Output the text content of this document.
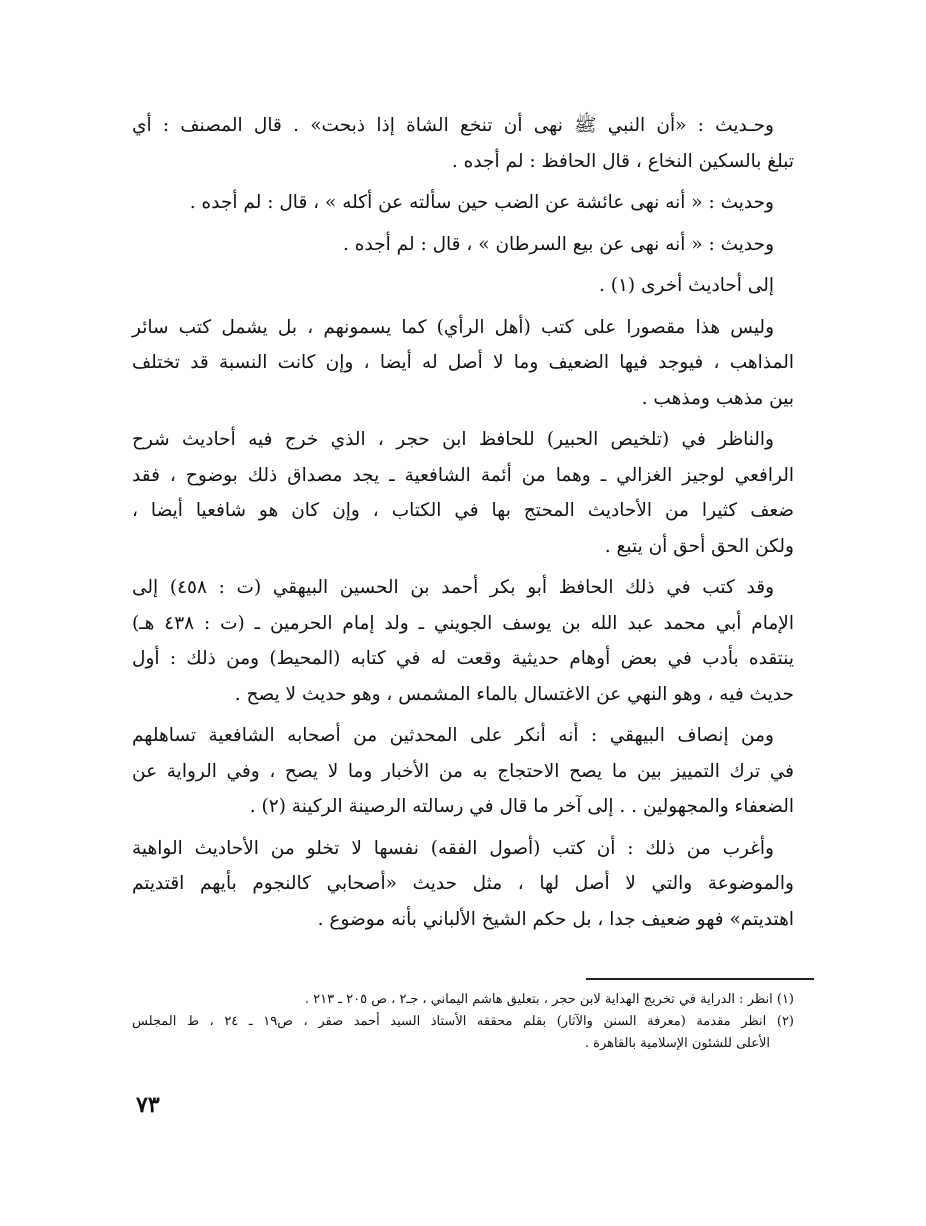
وحـديث : «أن النبي ﷺ نهى أن تنخع الشاة إذا ذبحت» . قال المصنف : أي
تبلغ بالسكين النخاع ، قال الحافظ : لم أجده .
وحديث : « أنه نهى عائشة عن الضب حين سألته عن أكله » ، قال : لم أجده .
وحديث : « أنه نهى عن بيع السرطان » ، قال : لم أجده .
إلى أحاديث أخرى (١) .
وليس هذا مقصورا على كتب (أهل الرأي) كما يسمونهم ، بل يشمل كتب سائر
المذاهب ، فيوجد فيها الضعيف وما لا أصل له أيضا ، وإن كانت النسبة قد تختلف
بين مذهب ومذهب .
والناظر في (تلخيص الحبير) للحافظ ابن حجر ، الذي خرج فيه أحاديث شرح
الرافعي لوجيز الغزالي ـ وهما من أئمة الشافعية ـ يجد مصداق ذلك بوضوح ، فقد
ضعف كثيرا من الأحاديث المحتج بها في الكتاب ، وإن كان هو شافعيا أيضا ،
ولكن الحق أحق أن يتبع .
وقد كتب في ذلك الحافظ أبو بكر أحمد بن الحسين البيهقي (ت : ٤٥٨) إلى
الإمام أبي محمد عبد الله بن يوسف الجويني ـ ولد إمام الحرمين ـ (ت : ٤٣٨ هـ)
ينتقده بأدب في بعض أوهام حديثية وقعت له في كتابه (المحيط) ومن ذلك : أول
حديث فيه ، وهو النهي عن الاغتسال بالماء المشمس ، وهو حديث لا يصح .
ومن إنصاف البيهقي : أنه أنكر على المحدثين من أصحابه الشافعية تساهلهم
في ترك التمييز بين ما يصح الاحتجاج به من الأخبار وما لا يصح ، وفي الرواية عن
الضعفاء والمجهولين . . إلى آخر ما قال في رسالته الرصينة الركينة (٢) .
وأغرب من ذلك : أن كتب (أصول الفقه) نفسها لا تخلو من الأحاديث الواهية
والموضوعة والتي لا أصل لها ، مثل حديث «أصحابي كالنجوم بأيهم اقتديتم
اهتديتم» فهو ضعيف جدا ، بل حكم الشيخ الألباني بأنه موضوع .
(١) انظر : الدراية في تخريج الهداية لابن حجر ، بتعليق هاشم اليماني ، جـ٢ ، ص ٢٠٥ ـ ٢١٣ .
(٢) انظر مقدمة (معرفة السنن والآثار) بقلم محققه الأستاذ السيد أحمد صقر ، ص١٩ ـ ٢٤ ، ط المجلس
الأعلى للشئون الإسلامية بالقاهرة .
٧٣
